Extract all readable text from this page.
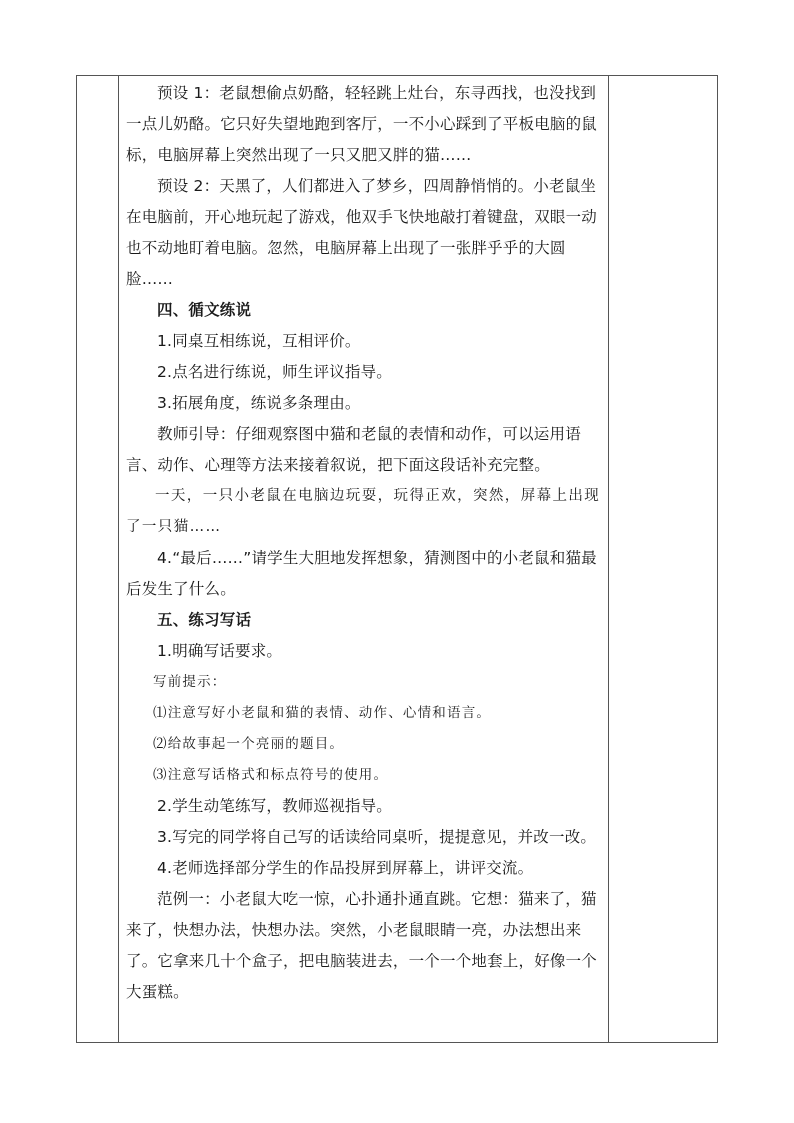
预设 1：老鼠想偷点奶酪，轻轻跳上灶台，东寻西找，也没找到一点儿奶酪。它只好失望地跑到客厅，一不小心踩到了平板电脑的鼠标，电脑屏幕上突然出现了一只又肥又胖的猫……

预设 2：天黑了，人们都进入了梦乡，四周静悄悄的。小老鼠坐在电脑前，开心地玩起了游戏，他双手飞快地敲打着键盘，双眼一动也不动地盯着电脑。忽然，电脑屏幕上出现了一张胖乎乎的大圆脸……

四、循文练说

1.同桌互相练说，互相评价。

2.点名进行练说，师生评议指导。

3.拓展角度，练说多条理由。

教师引导：仔细观察图中猫和老鼠的表情和动作，可以运用语言、动作、心理等方法来接着叙说，把下面这段话补充完整。

一天，一只小老鼠在电脑边玩耍，玩得正欢，突然，屏幕上出现了一只猫……

4.“最后……”请学生大胆地发挥想象，猜测图中的小老鼠和猫最后发生了什么。

五、练习写话

1.明确写话要求。

写前提示：

⑴注意写好小老鼠和猫的表情、动作、心情和语言。

⑵给故事起一个亮丽的题目。

⑶注意写话格式和标点符号的使用。

2.学生动笔练写，教师巡视指导。

3.写完的同学将自己写的话读给同桌听，提提意见，并改一改。

4.老师选择部分学生的作品投屏到屏幕上，讲评交流。

范例一：小老鼠大吃一惊，心扑通扑通直跳。它想：猫来了，猫来了，快想办法，快想办法。突然，小老鼠眼睛一亮，办法想出来了。它拿来几十个盒子，把电脑装进去，一个一个地套上，好像一个大蛋糕。
